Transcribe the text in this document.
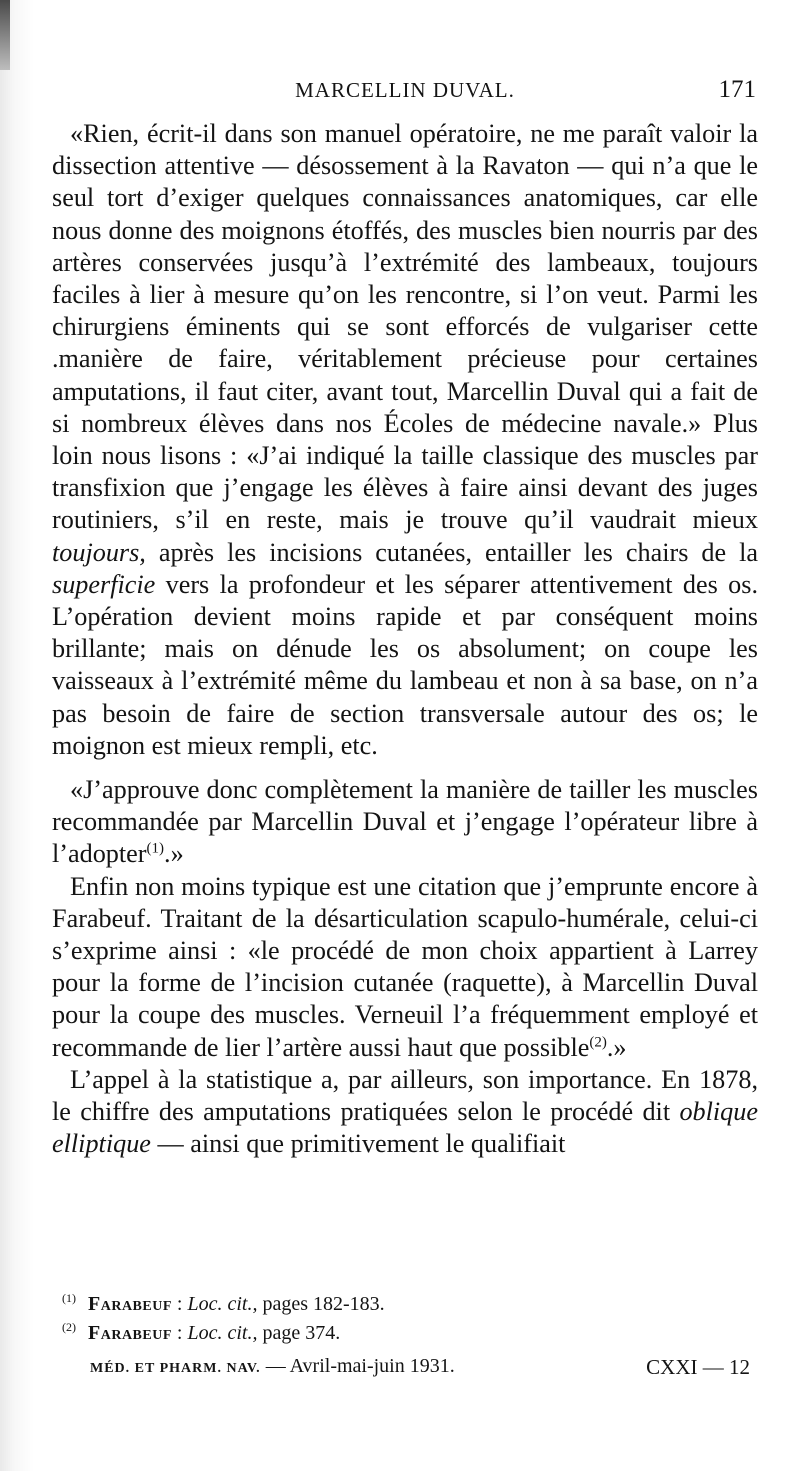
MARCELLIN DUVAL.	171

«Rien, écrit-il dans son manuel opératoire, ne me paraît valoir la dissection attentive — désossement à la Ravaton — qui n’a que le seul tort d’exiger quelques connaissances anatomiques, car elle nous donne des moignons étoffés, des muscles bien nourris par des artères conservées jusqu’à l’extrémité des lambeaux, toujours faciles à lier à mesure qu’on les rencontre, si l’on veut. Parmi les chirurgiens éminents qui se sont efforcés de vulgariser cette .manière de faire, véritablement précieuse pour certaines amputations, il faut citer, avant tout, Marcellin Duval qui a fait de si nombreux élèves dans nos Écoles de médecine navale.» Plus loin nous lisons : «J’ai indiqué la taille classique des muscles par transfixion que j’engage les élèves à faire ainsi devant des juges routiniers, s’il en reste, mais je trouve qu’il vaudrait mieux toujours, après les incisions cutanées, entailler les chairs de la superficie vers la profondeur et les séparer attentivement des os. L’opération devient moins rapide et par conséquent moins brillante; mais on dénude les os absolument; on coupe les vaisseaux à l’extrémité même du lambeau et non à sa base, on n’a pas besoin de faire de section transversale autour des os; le moignon est mieux rempli, etc.

«J’approuve donc complètement la manière de tailler les muscles recommandée par Marcellin Duval et j’engage l’opérateur libre à l’adopter$^{(1)}$.»

Enfin non moins typique est une citation que j’emprunte encore à Farabeuf. Traitant de la désarticulation scapulo-humérale, celui-ci s’exprime ainsi : «le procédé de mon choix appartient à Larrey pour la forme de l’incision cutanée (raquette), à Marcellin Duval pour la coupe des muscles. Verneuil l’a fréquemment employé et recommande de lier l’artère aussi haut que possible$^{(2)}$.»

L’appel à la statistique a, par ailleurs, son importance. En 1878, le chiffre des amputations pratiquées selon le procédé dit oblique elliptique — ainsi que primitivement le qualifiait

$^{(1)}$ Farabeuf : Loc. cit., pages 182-183.
$^{(2)}$ Farabeuf : Loc. cit., page 374.
MÉD. ET PHARM. NAV. — Avril-mai-juin 1931.	CXXI — 12
